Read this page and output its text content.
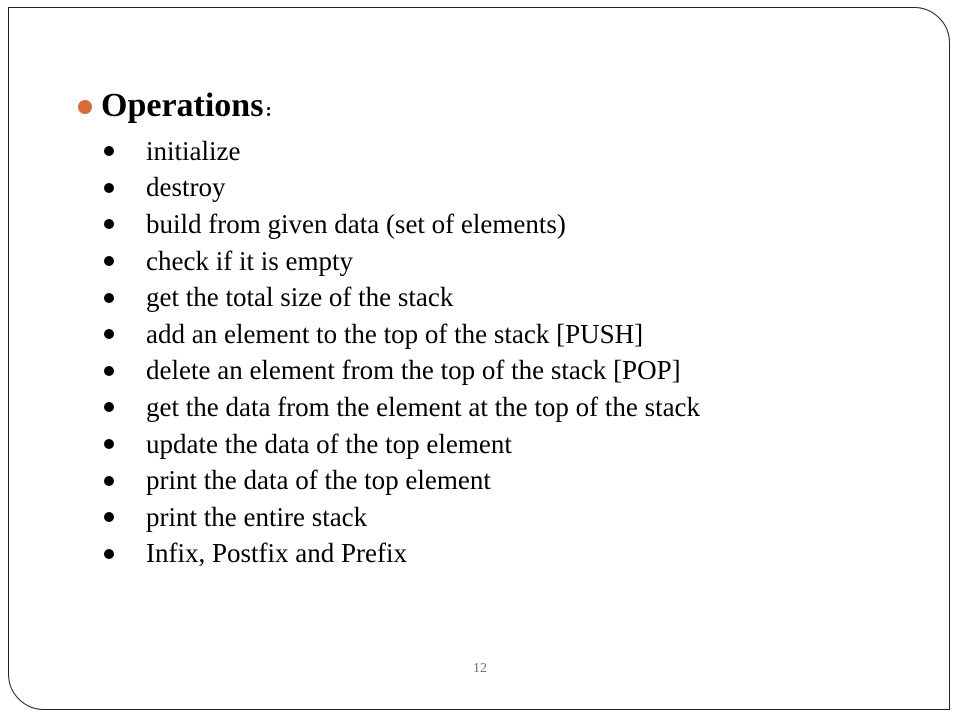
Operations :
initialize
destroy
build from given data (set of elements)
check if it is empty
get the total size of the stack
add an element to the top of the stack [PUSH]
delete an element from the top of the stack [POP]
get the data from the element at the top of the stack
update the data of the top element
print the data of the top element
print the entire stack
Infix, Postfix and Prefix
12
